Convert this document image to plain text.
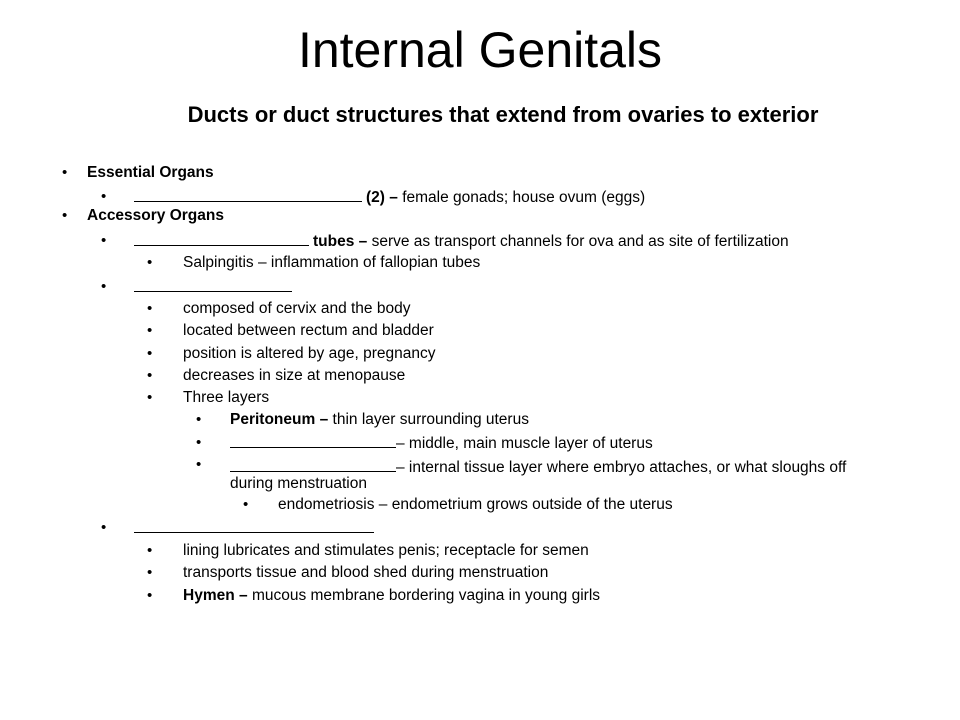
Internal Genitals
Ducts or duct structures that extend from ovaries to exterior
• Essential Organs
•	(2) – female gonads; house ovum (eggs)
• Accessory Organs
•	tubes – serve as transport channels for ova and as site of fertilization
• Salpingitis – inflammation of fallopian tubes
•
• composed of cervix and the body
• located between rectum and bladder
• position is altered by age, pregnancy
• decreases in size at menopause
• Three layers
• Peritoneum – thin layer surrounding uterus
•	– middle, main muscle layer of uterus
•	– internal tissue layer where embryo attaches, or what sloughs off during menstruation
• endometriosis – endometrium grows outside of the uterus
•
• lining lubricates and stimulates penis; receptacle for semen
• transports tissue and blood shed during menstruation
• Hymen – mucous membrane bordering vagina in young girls
